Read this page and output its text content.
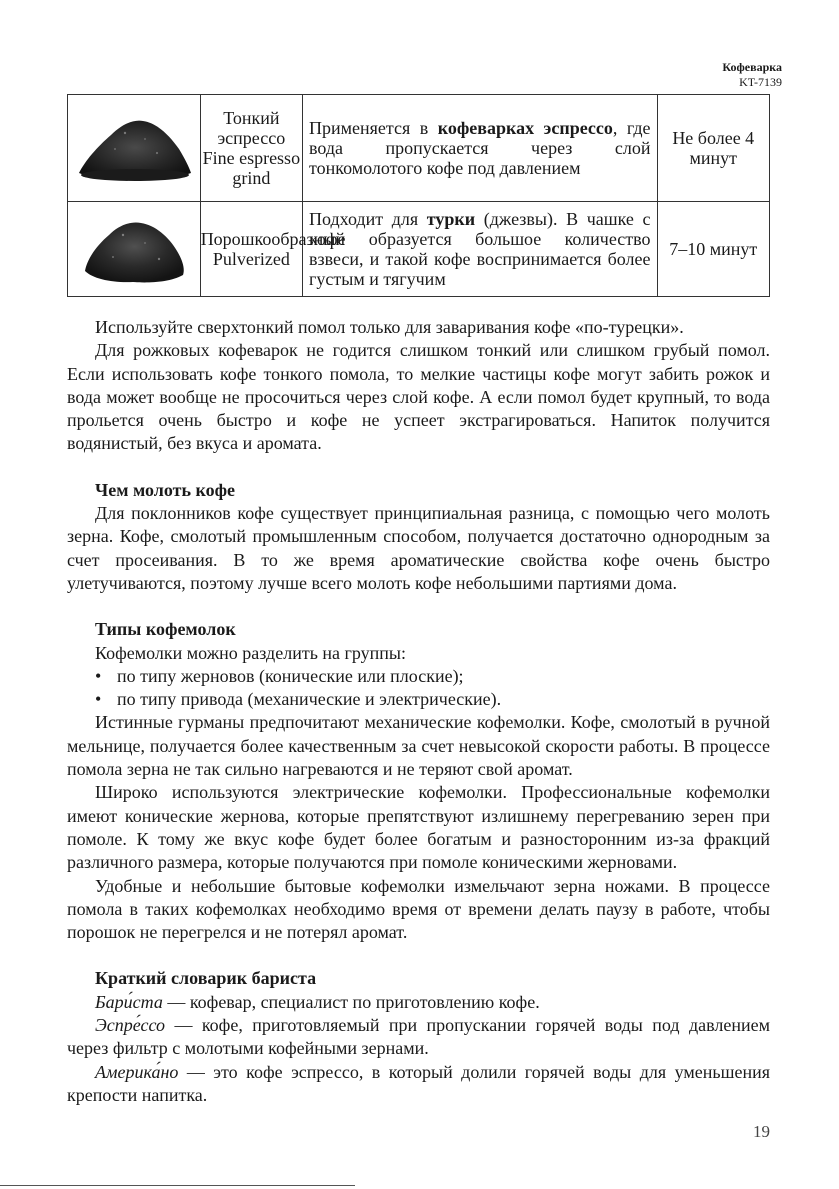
Кофеварка
KT-7139
	Тонкий эспрессо Fine espresso grind	Применяется в кофеварках эспрессо, где вода пропускается через слой тонкомолотого кофе под давлением	Не более 4 минут

	Порошкообразный Pulverized	Подходит для турки (джезвы). В чашке с кофе образуется большое количество взвеси, и такой кофе воспринимается более густым и тягучим	7–10 минут

Используйте сверхтонкий помол только для заваривания кофе «по-турецки».

Для рожковых кофеварок не годится слишком тонкий или слишком грубый помол. Если использовать кофе тонкого помола, то мелкие частицы кофе могут забить рожок и вода может вообще не просочиться через слой кофе. А если помол будет крупный, то вода прольется очень быстро и кофе не успеет экстрагироваться. Напиток получится водянистый, без вкуса и аромата.

Чем молоть кофе

Для поклонников кофе существует принципиальная разница, с помощью чего молоть зерна. Кофе, смолотый промышленным способом, получается достаточно однородным за счет просеивания. В то же время ароматические свойства кофе очень быстро улетучиваются, поэтому лучше всего молоть кофе небольшими партиями дома.

Типы кофемолок

Кофемолки можно разделить на группы:

• по типу жерновов (конические или плоские);
• по типу привода (механические и электрические).

Истинные гурманы предпочитают механические кофемолки. Кофе, смолотый в ручной мельнице, получается более качественным за счет невысокой скорости работы. В процессе помола зерна не так сильно нагреваются и не теряют свой аромат.

Широко используются электрические кофемолки. Профессиональные кофемолки имеют конические жернова, которые препятствуют излишнему перегреванию зерен при помоле. К тому же вкус кофе будет более богатым и разносторонним из-за фракций различного размера, которые получаются при помоле коническими жерновами.

Удобные и небольшие бытовые кофемолки измельчают зерна ножами. В процессе помола в таких кофемолках необходимо время от времени делать паузу в работе, чтобы порошок не перегрелся и не потерял аромат.

Краткий словарик бариста

Бари́ста — кофевар, специалист по приготовлению кофе.

Эспре́ссо — кофе, приготовляемый при пропускании горячей воды под давлением через фильтр с молотыми кофейными зернами.

Америка́но — это кофе эспрессо, в который долили горячей воды для уменьшения крепости напитка.

19
